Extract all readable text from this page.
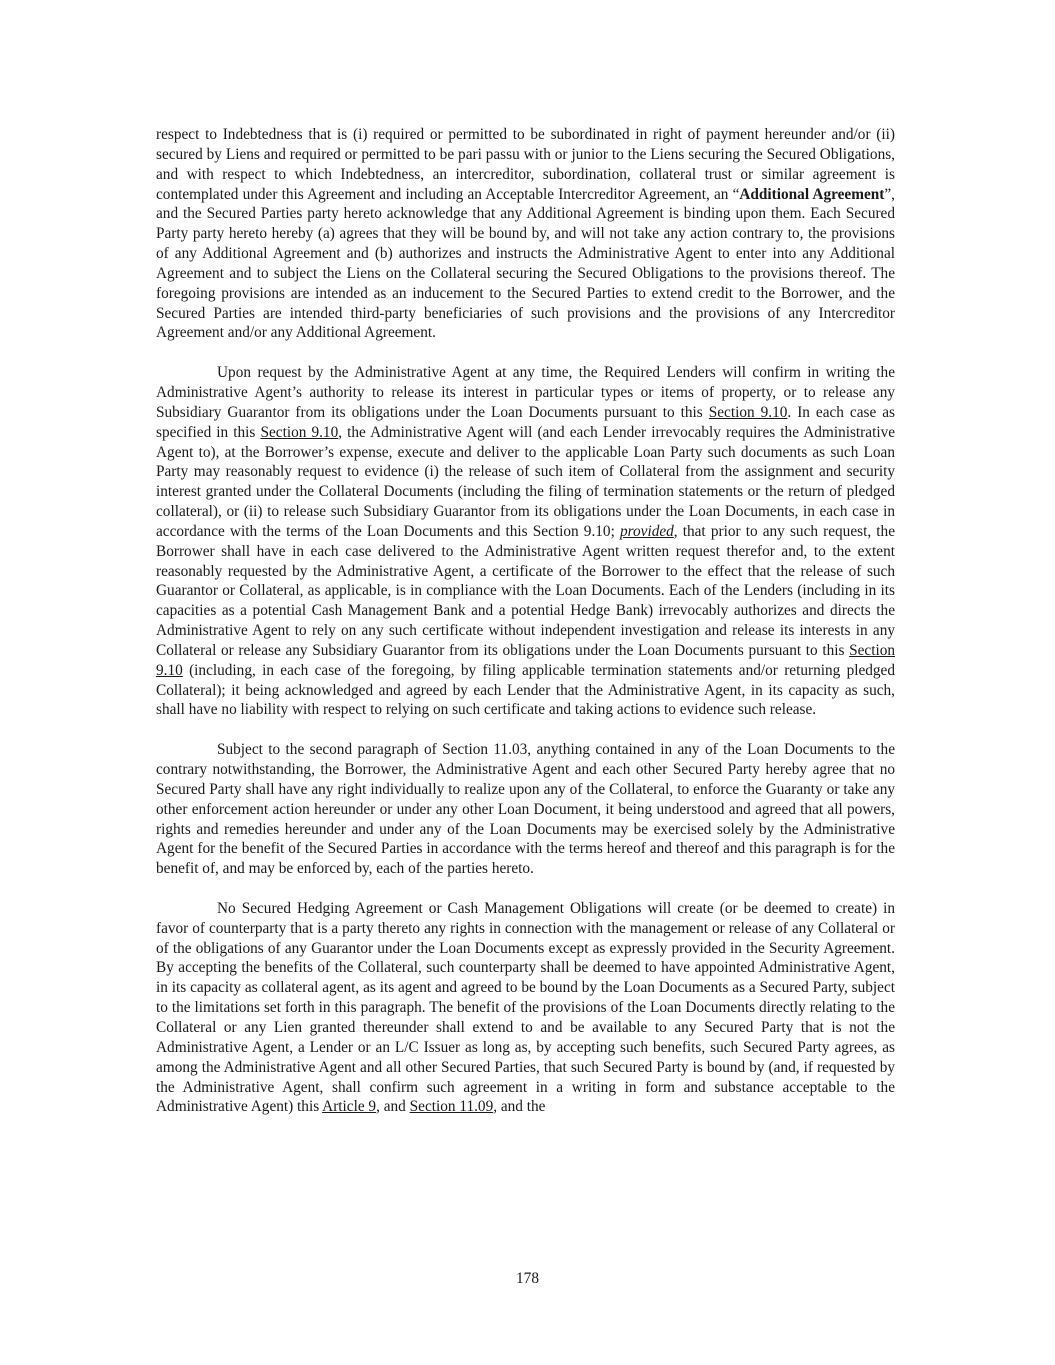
respect to Indebtedness that is (i) required or permitted to be subordinated in right of payment hereunder and/or (ii) secured by Liens and required or permitted to be pari passu with or junior to the Liens securing the Secured Obligations, and with respect to which Indebtedness, an intercreditor, subordination, collateral trust or similar agreement is contemplated under this Agreement and including an Acceptable Intercreditor Agreement, an “Additional Agreement”, and the Secured Parties party hereto acknowledge that any Additional Agreement is binding upon them. Each Secured Party party hereto hereby (a) agrees that they will be bound by, and will not take any action contrary to, the provisions of any Additional Agreement and (b) authorizes and instructs the Administrative Agent to enter into any Additional Agreement and to subject the Liens on the Collateral securing the Secured Obligations to the provisions thereof. The foregoing provisions are intended as an inducement to the Secured Parties to extend credit to the Borrower, and the Secured Parties are intended third-party beneficiaries of such provisions and the provisions of any Intercreditor Agreement and/or any Additional Agreement.

Upon request by the Administrative Agent at any time, the Required Lenders will confirm in writing the Administrative Agent’s authority to release its interest in particular types or items of property, or to release any Subsidiary Guarantor from its obligations under the Loan Documents pursuant to this Section 9.10. In each case as specified in this Section 9.10, the Administrative Agent will (and each Lender irrevocably requires the Administrative Agent to), at the Borrower’s expense, execute and deliver to the applicable Loan Party such documents as such Loan Party may reasonably request to evidence (i) the release of such item of Collateral from the assignment and security interest granted under the Collateral Documents (including the filing of termination statements or the return of pledged collateral), or (ii) to release such Subsidiary Guarantor from its obligations under the Loan Documents, in each case in accordance with the terms of the Loan Documents and this Section 9.10; provided, that prior to any such request, the Borrower shall have in each case delivered to the Administrative Agent written request therefor and, to the extent reasonably requested by the Administrative Agent, a certificate of the Borrower to the effect that the release of such Guarantor or Collateral, as applicable, is in compliance with the Loan Documents. Each of the Lenders (including in its capacities as a potential Cash Management Bank and a potential Hedge Bank) irrevocably authorizes and directs the Administrative Agent to rely on any such certificate without independent investigation and release its interests in any Collateral or release any Subsidiary Guarantor from its obligations under the Loan Documents pursuant to this Section 9.10 (including, in each case of the foregoing, by filing applicable termination statements and/or returning pledged Collateral); it being acknowledged and agreed by each Lender that the Administrative Agent, in its capacity as such, shall have no liability with respect to relying on such certificate and taking actions to evidence such release.

Subject to the second paragraph of Section 11.03, anything contained in any of the Loan Documents to the contrary notwithstanding, the Borrower, the Administrative Agent and each other Secured Party hereby agree that no Secured Party shall have any right individually to realize upon any of the Collateral, to enforce the Guaranty or take any other enforcement action hereunder or under any other Loan Document, it being understood and agreed that all powers, rights and remedies hereunder and under any of the Loan Documents may be exercised solely by the Administrative Agent for the benefit of the Secured Parties in accordance with the terms hereof and thereof and this paragraph is for the benefit of, and may be enforced by, each of the parties hereto.

No Secured Hedging Agreement or Cash Management Obligations will create (or be deemed to create) in favor of counterparty that is a party thereto any rights in connection with the management or release of any Collateral or of the obligations of any Guarantor under the Loan Documents except as expressly provided in the Security Agreement. By accepting the benefits of the Collateral, such counterparty shall be deemed to have appointed Administrative Agent, in its capacity as collateral agent, as its agent and agreed to be bound by the Loan Documents as a Secured Party, subject to the limitations set forth in this paragraph. The benefit of the provisions of the Loan Documents directly relating to the Collateral or any Lien granted thereunder shall extend to and be available to any Secured Party that is not the Administrative Agent, a Lender or an L/C Issuer as long as, by accepting such benefits, such Secured Party agrees, as among the Administrative Agent and all other Secured Parties, that such Secured Party is bound by (and, if requested by the Administrative Agent, shall confirm such agreement in a writing in form and substance acceptable to the Administrative Agent) this Article 9, and Section 11.09, and the

178
